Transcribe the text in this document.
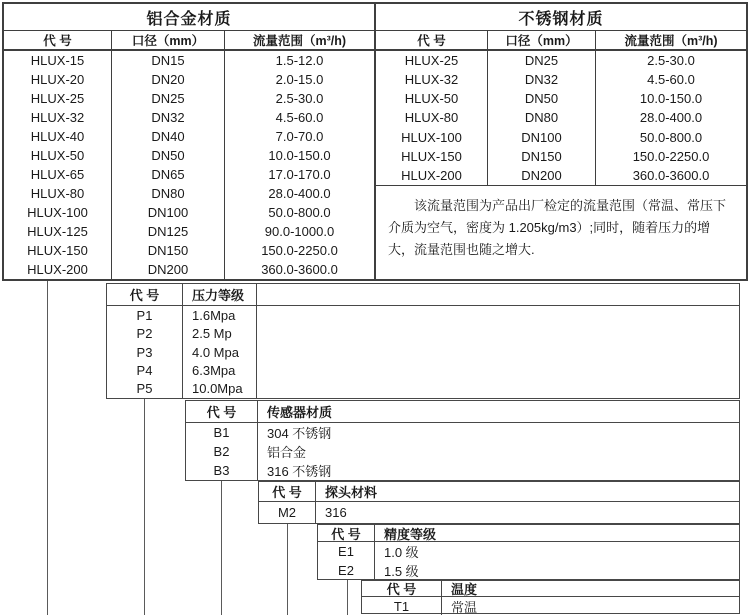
铝合金材质
代 号	口径（mm）	流量范围（m³/h)
HLUX-15	DN15	1.5-12.0
HLUX-20	DN20	2.0-15.0
HLUX-25	DN25	2.5-30.0
HLUX-32	DN32	4.5-60.0
HLUX-40	DN40	7.0-70.0
HLUX-50	DN50	10.0-150.0
HLUX-65	DN65	17.0-170.0
HLUX-80	DN80	28.0-400.0
HLUX-100	DN100	50.0-800.0
HLUX-125	DN125	90.0-1000.0
HLUX-150	DN150	150.0-2250.0
HLUX-200	DN200	360.0-3600.0
不锈钢材质
代 号	口径（mm）	流量范围（m³/h)
HLUX-25	DN25	2.5-30.0
HLUX-32	DN32	4.5-60.0
HLUX-50	DN50	10.0-150.0
HLUX-80	DN80	28.0-400.0
HLUX-100	DN100	50.0-800.0
HLUX-150	DN150	150.0-2250.0
HLUX-200	DN200	360.0-3600.0
该流量范围为产品出厂检定的流量范围（常温、常压下介质为空气，密度为 1.205kg/m3）;同时，随着压力的增大，流量范围也随之增大.
代 号	压力等级
P1	1.6Mpa
P2	2.5 Mp
P3	4.0 Mpa
P4	6.3Mpa
P5	10.0Mpa
代 号	传感器材质
B1	304 不锈钢
B2	铝合金
B3	316 不锈钢
代 号	探头材料
M2	316
代 号	精度等级
E1	1.0 级
E2	1.5 级
代 号	温度
T1	常温
